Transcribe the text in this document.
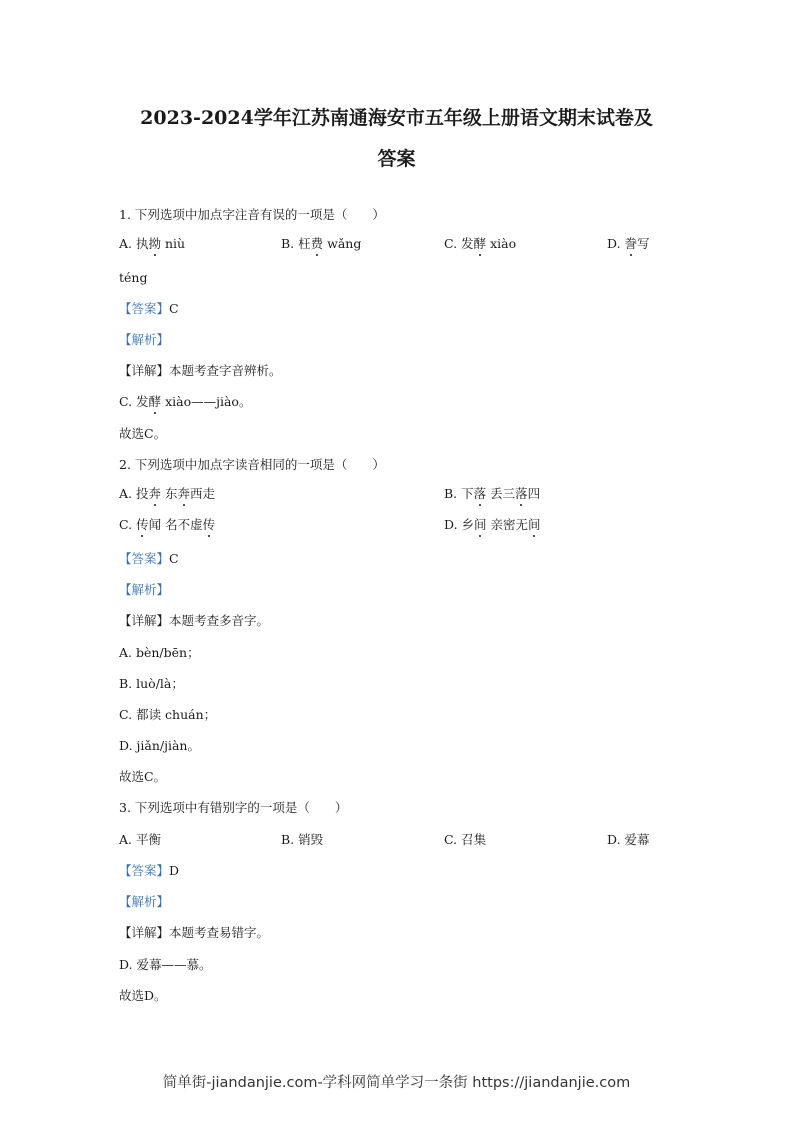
2023-2024学年江苏南通海安市五年级上册语文期末试卷及
答案
1. 下列选项中加点字注音有误的一项是（　　）
A. 执拗 niù	B. 枉费 wǎng	C. 发酵 xiào	D. 誊写
téng
【答案】C
【解析】
【详解】本题考查字音辨析。
C. 发酵 xiào——jiào。
故选C。
2. 下列选项中加点字读音相同的一项是（　　）
A. 投奔 东奔西走	B. 下落 丢三落四
C. 传闻 名不虚传	D. 乡间 亲密无间
【答案】C
【解析】
【详解】本题考查多音字。
A. bèn/bēn；
B. luò/là；
C. 都读 chuán；
D. jiǎn/jiàn。
故选C。
3. 下列选项中有错别字的一项是（　　）
A. 平衡	B. 销毁	C. 召集	D. 爱幕
【答案】D
【解析】
【详解】本题考查易错字。
D. 爱幕——慕。
故选D。
简单街-jiandanjie.com-学科网简单学习一条街 https://jiandanjie.com
